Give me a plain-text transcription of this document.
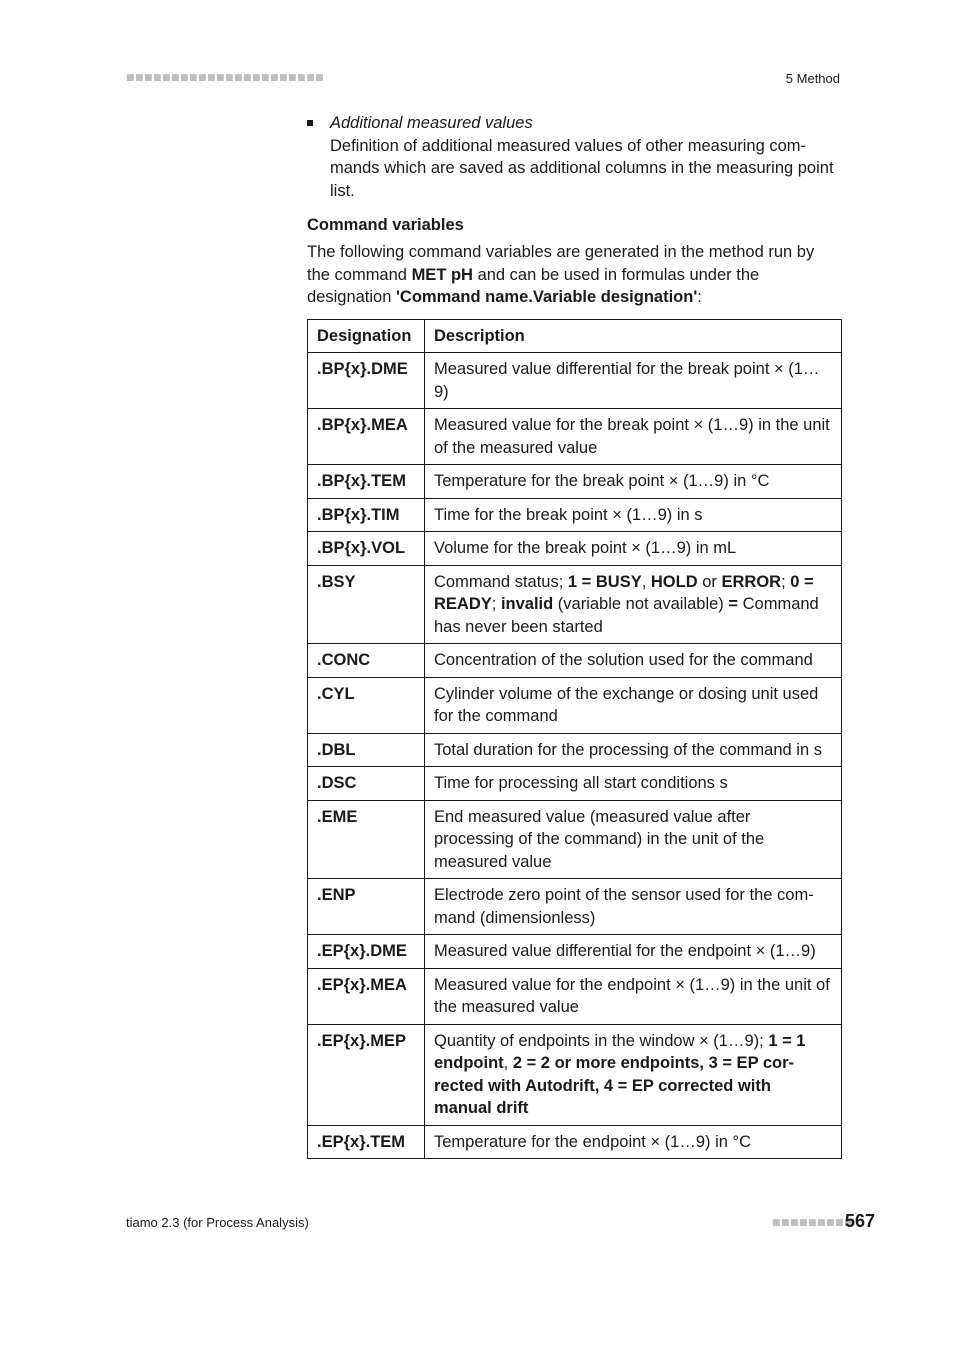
■■■■■■■■■■■■■■■■■■■■■■	5 Method
Additional measured values
Definition of additional measured values of other measuring commands which are saved as additional columns in the measuring point list.
Command variables
The following command variables are generated in the method run by the command MET pH and can be used in formulas under the designation 'Command name.Variable designation':
Designation	Description
.BP{x}.DME	Measured value differential for the break point × (1…9)
.BP{x}.MEA	Measured value for the break point × (1…9) in the unit of the measured value
.BP{x}.TEM	Temperature for the break point × (1…9) in °C
.BP{x}.TIM	Time for the break point × (1…9) in s
.BP{x}.VOL	Volume for the break point × (1…9) in mL
.BSY	Command status; 1 = BUSY, HOLD or ERROR; 0 = READY; invalid (variable not available) = Command has never been started
.CONC	Concentration of the solution used for the command
.CYL	Cylinder volume of the exchange or dosing unit used for the command
.DBL	Total duration for the processing of the command in s
.DSC	Time for processing all start conditions s
.EME	End measured value (measured value after processing of the command) in the unit of the measured value
.ENP	Electrode zero point of the sensor used for the command (dimensionless)
.EP{x}.DME	Measured value differential for the endpoint × (1…9)
.EP{x}.MEA	Measured value for the endpoint × (1…9) in the unit of the measured value
.EP{x}.MEP	Quantity of endpoints in the window × (1…9); 1 = 1 endpoint, 2 = 2 or more endpoints, 3 = EP corrected with Autodrift, 4 = EP corrected with manual drift
.EP{x}.TEM	Temperature for the endpoint × (1…9) in °C
tiamo 2.3 (for Process Analysis)	■■■■■■■■■
567
